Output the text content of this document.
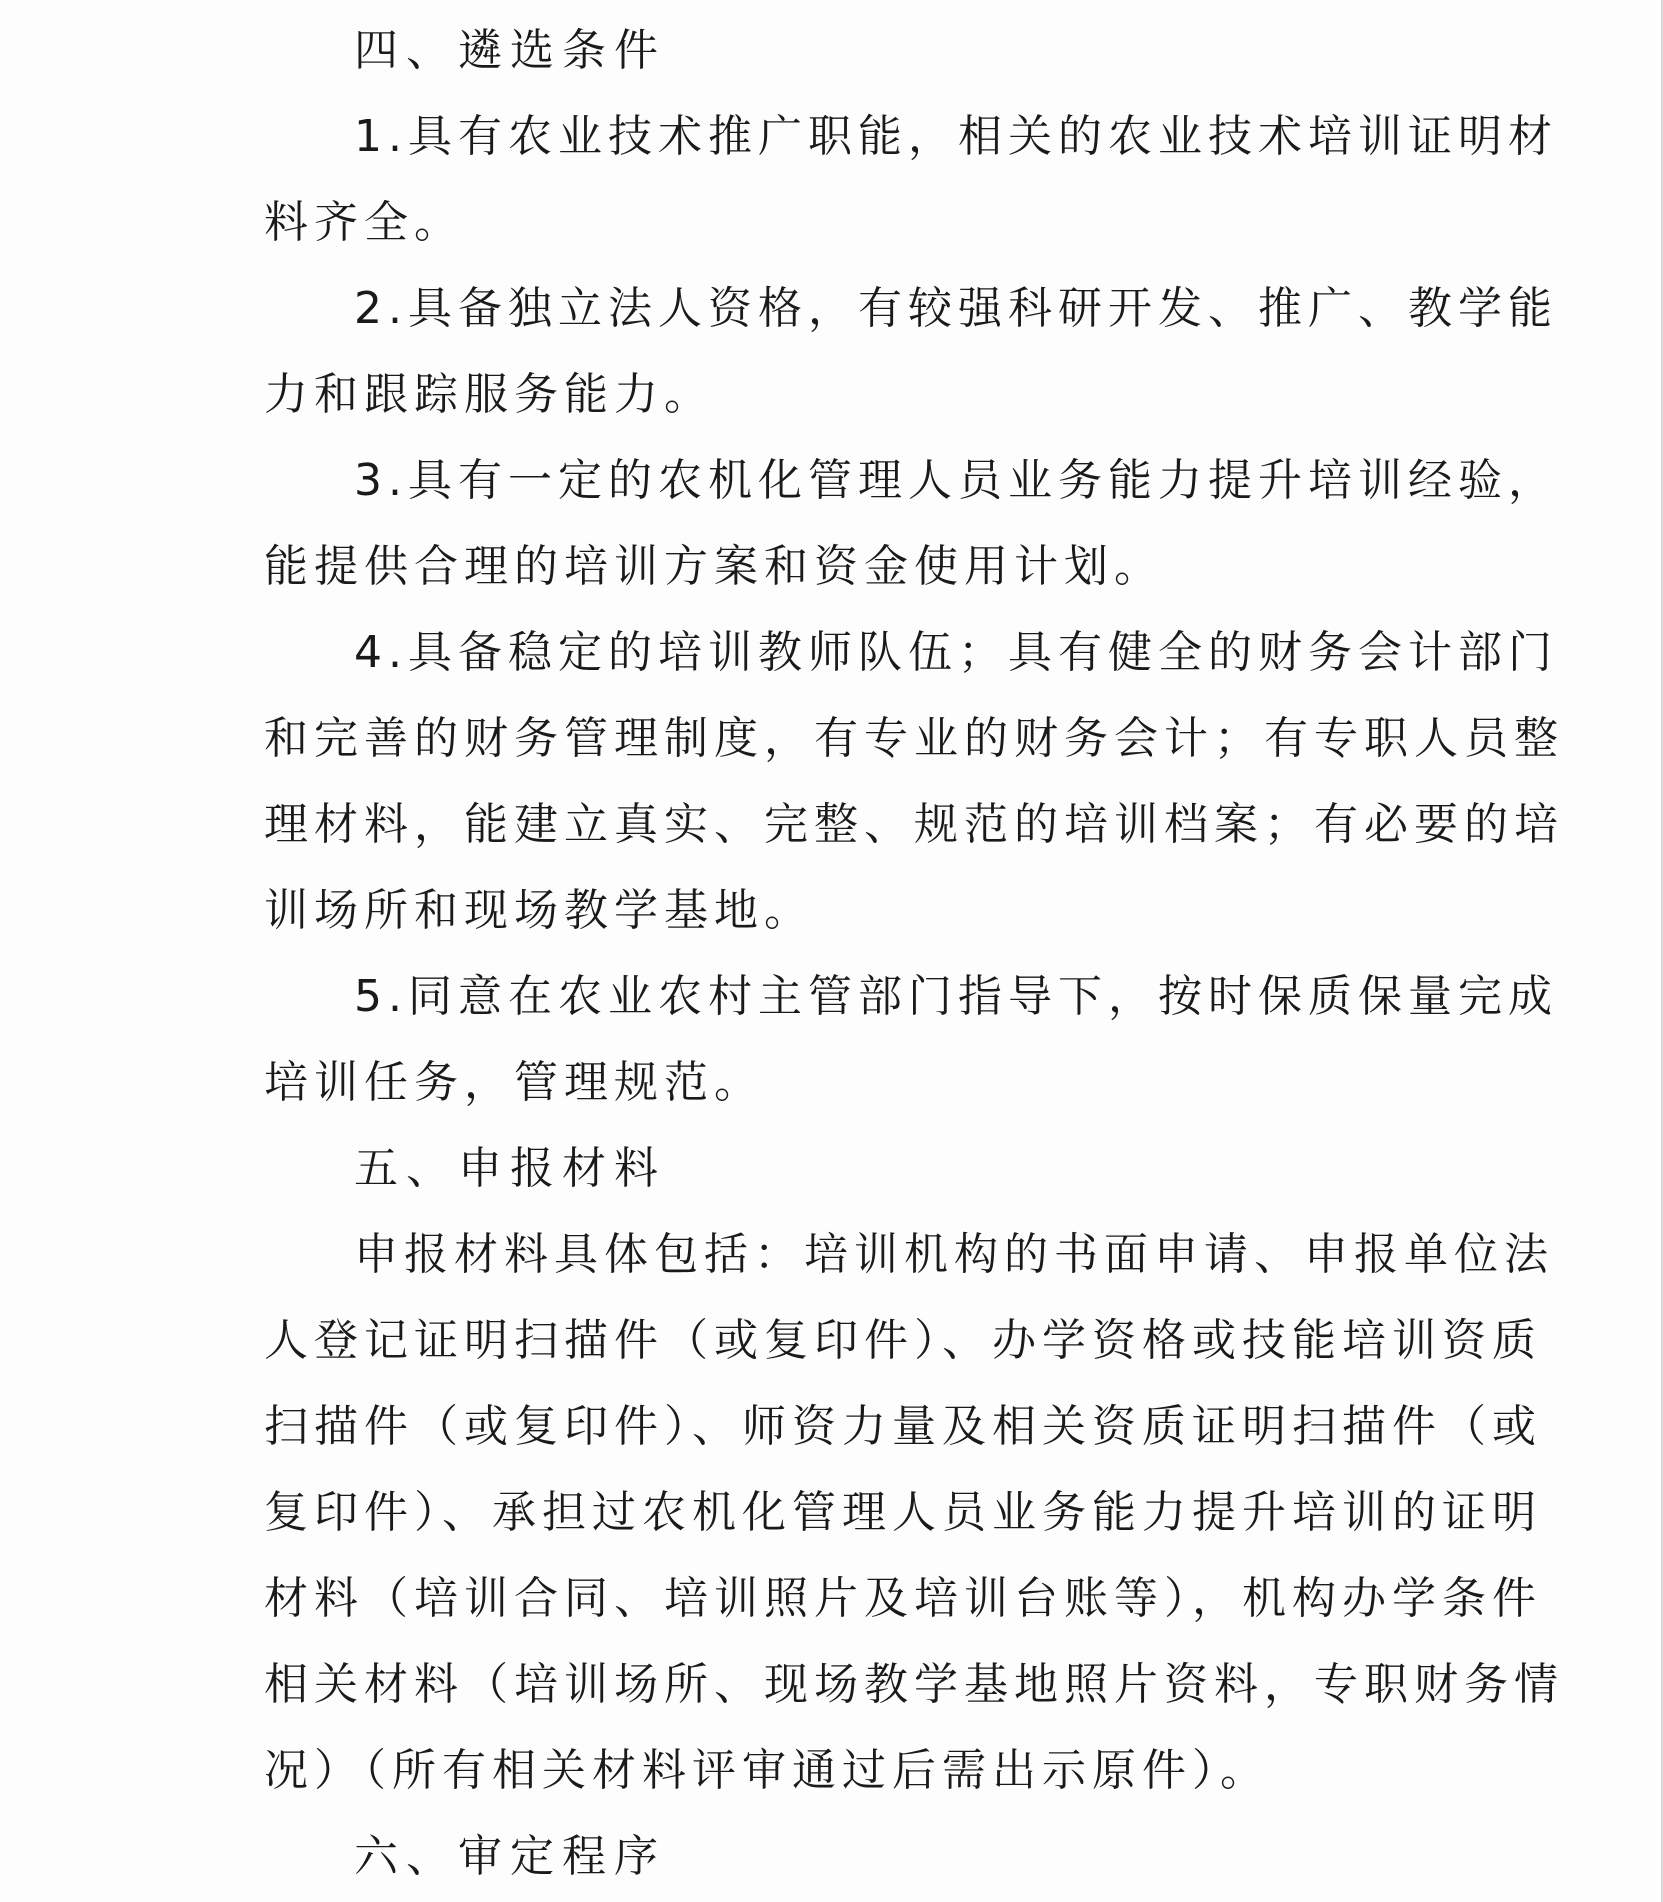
四、遴选条件
1.具有农业技术推广职能，相关的农业技术培训证明材
料齐全。
2.具备独立法人资格，有较强科研开发、推广、教学能
力和跟踪服务能力。
3.具有一定的农机化管理人员业务能力提升培训经验，
能提供合理的培训方案和资金使用计划。
4.具备稳定的培训教师队伍；具有健全的财务会计部门
和完善的财务管理制度，有专业的财务会计；有专职人员整
理材料，能建立真实、完整、规范的培训档案；有必要的培
训场所和现场教学基地。
5.同意在农业农村主管部门指导下，按时保质保量完成
培训任务，管理规范。
五、申报材料
申报材料具体包括：培训机构的书面申请、申报单位法
人登记证明扫描件（或复印件）、办学资格或技能培训资质
扫描件（或复印件）、师资力量及相关资质证明扫描件（或
复印件）、承担过农机化管理人员业务能力提升培训的证明
材料（培训合同、培训照片及培训台账等），机构办学条件
相关材料（培训场所、现场教学基地照片资料，专职财务情
况）（所有相关材料评审通过后需出示原件）。
六、审定程序
